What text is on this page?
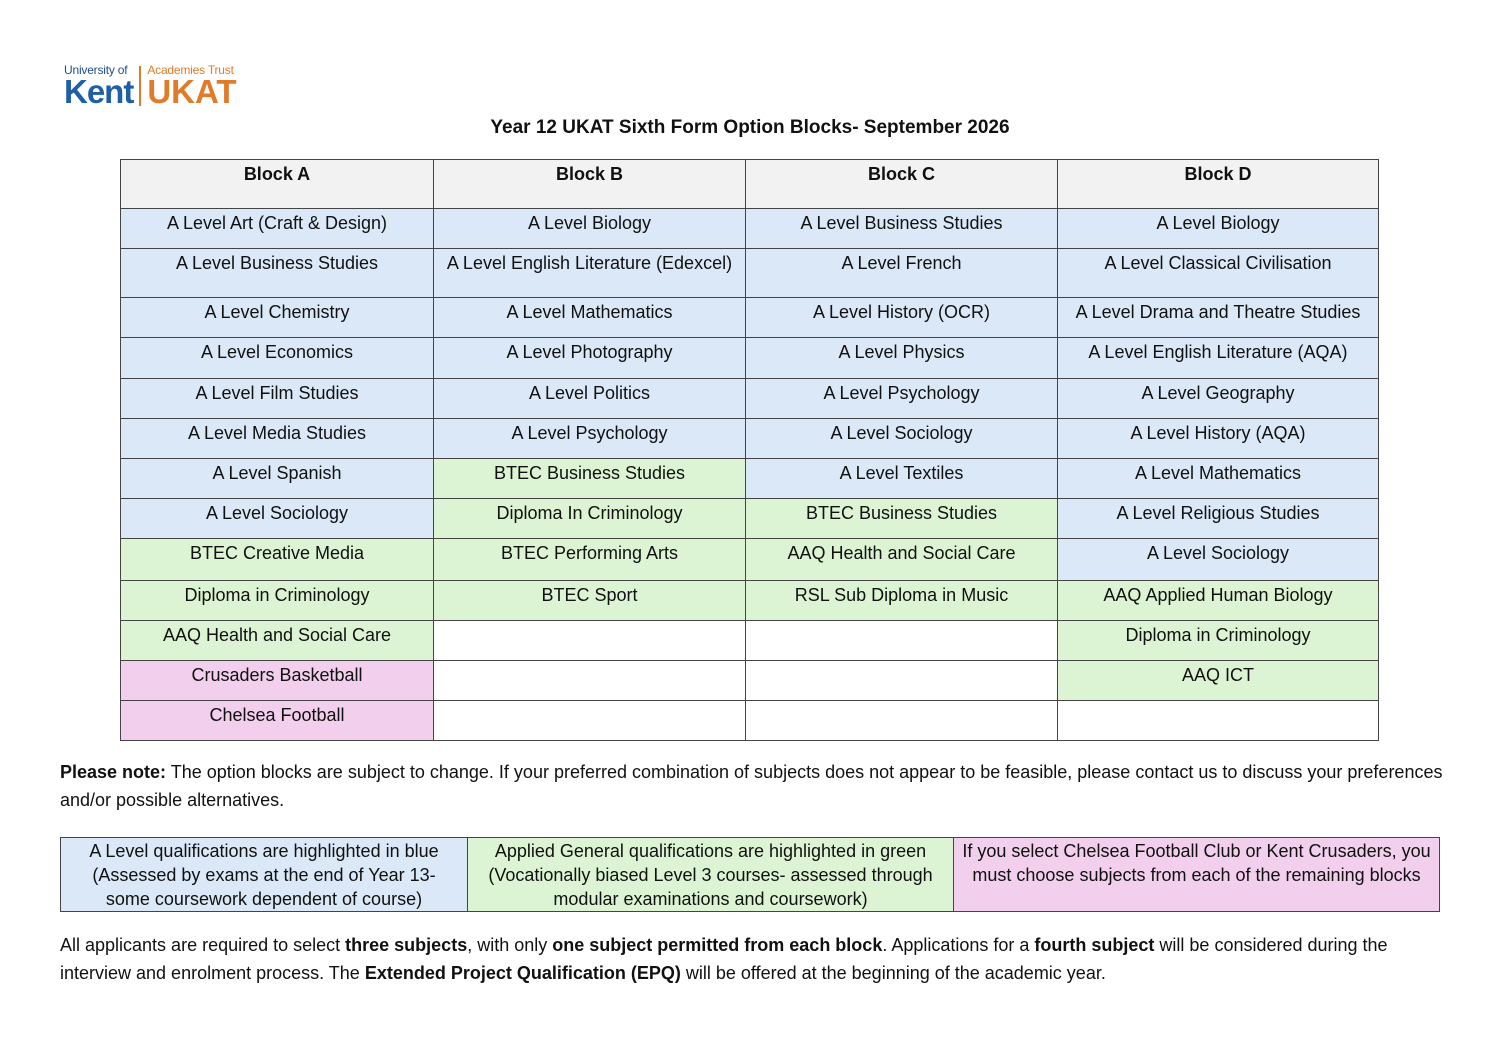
University of
Kent
Academies Trust
UKAT
Year 12 UKAT Sixth Form Option Blocks- September 2026
Block A	Block B	Block C	Block D
A Level Art (Craft & Design)	A Level Biology	A Level Business Studies	A Level Biology
A Level Business Studies	A Level English Literature (Edexcel)	A Level French	A Level Classical Civilisation
A Level Chemistry	A Level Mathematics	A Level History (OCR)	A Level Drama and Theatre Studies
A Level Economics	A Level Photography	A Level Physics	A Level English Literature (AQA)
A Level Film Studies	A Level Politics	A Level Psychology	A Level Geography
A Level Media Studies	A Level Psychology	A Level Sociology	A Level History (AQA)
A Level Spanish	BTEC Business Studies	A Level Textiles	A Level Mathematics
A Level Sociology	Diploma In Criminology	BTEC Business Studies	A Level Religious Studies
BTEC Creative Media	BTEC Performing Arts	AAQ Health and Social Care	A Level Sociology
Diploma in Criminology	BTEC Sport	RSL Sub Diploma in Music	AAQ Applied Human Biology
AAQ Health and Social Care			Diploma in Criminology
Crusaders Basketball			AAQ ICT
Chelsea Football			
Please note: The option blocks are subject to change. If your preferred combination of subjects does not appear to be feasible, please contact us to discuss your preferences and/or possible alternatives.
A Level qualifications are highlighted in blue (Assessed by exams at the end of Year 13- some coursework dependent of course)	Applied General qualifications are highlighted in green (Vocationally biased Level 3 courses- assessed through modular examinations and coursework)	If you select Chelsea Football Club or Kent Crusaders, you must choose subjects from each of the remaining blocks
All applicants are required to select three subjects, with only one subject permitted from each block. Applications for a fourth subject will be considered during the interview and enrolment process. The Extended Project Qualification (EPQ) will be offered at the beginning of the academic year.
